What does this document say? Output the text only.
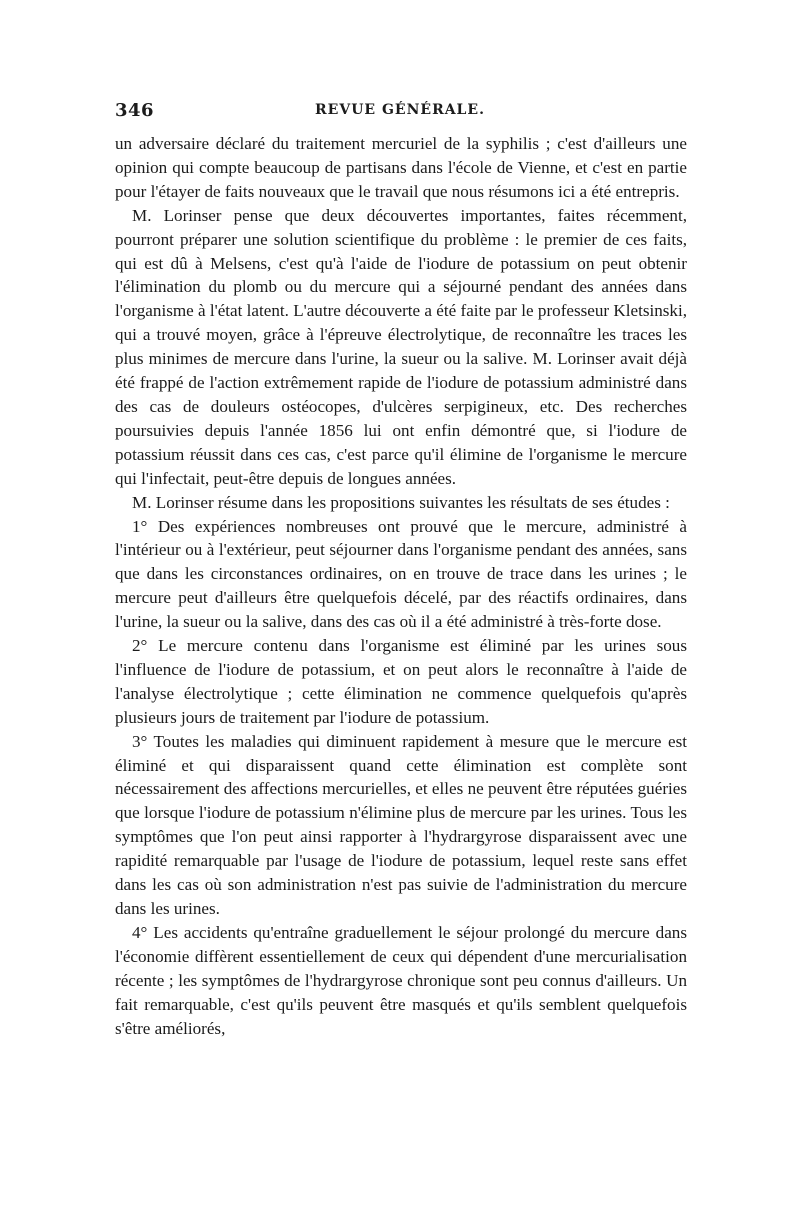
346	REVUE GÉNÉRALE.

un adversaire déclaré du traitement mercuriel de la syphilis ; c'est d'ailleurs une opinion qui compte beaucoup de partisans dans l'école de Vienne, et c'est en partie pour l'étayer de faits nouveaux que le travail que nous résumons ici a été entrepris.

M. Lorinser pense que deux découvertes importantes, faites récemment, pourront préparer une solution scientifique du problème : le premier de ces faits, qui est dû à Melsens, c'est qu'à l'aide de l'iodure de potassium on peut obtenir l'élimination du plomb ou du mercure qui a séjourné pendant des années dans l'organisme à l'état latent. L'autre découverte a été faite par le professeur Kletsinski, qui a trouvé moyen, grâce à l'épreuve électrolytique, de reconnaître les traces les plus minimes de mercure dans l'urine, la sueur ou la salive. M. Lorinser avait déjà été frappé de l'action extrêmement rapide de l'iodure de potassium administré dans des cas de douleurs ostéocopes, d'ulcères serpigineux, etc. Des recherches poursuivies depuis l'année 1856 lui ont enfin démontré que, si l'iodure de potassium réussit dans ces cas, c'est parce qu'il élimine de l'organisme le mercure qui l'infectait, peut-être depuis de longues années.

M. Lorinser résume dans les propositions suivantes les résultats de ses études :

1° Des expériences nombreuses ont prouvé que le mercure, administré à l'intérieur ou à l'extérieur, peut séjourner dans l'organisme pendant des années, sans que dans les circonstances ordinaires, on en trouve de trace dans les urines ; le mercure peut d'ailleurs être quelquefois décelé, par des réactifs ordinaires, dans l'urine, la sueur ou la salive, dans des cas où il a été administré à très-forte dose.

2° Le mercure contenu dans l'organisme est éliminé par les urines sous l'influence de l'iodure de potassium, et on peut alors le reconnaître à l'aide de l'analyse électrolytique ; cette élimination ne commence quelquefois qu'après plusieurs jours de traitement par l'iodure de potassium.

3° Toutes les maladies qui diminuent rapidement à mesure que le mercure est éliminé et qui disparaissent quand cette élimination est complète sont nécessairement des affections mercurielles, et elles ne peuvent être réputées guéries que lorsque l'iodure de potassium n'élimine plus de mercure par les urines. Tous les symptômes que l'on peut ainsi rapporter à l'hydrargyrose disparaissent avec une rapidité remarquable par l'usage de l'iodure de potassium, lequel reste sans effet dans les cas où son administration n'est pas suivie de l'administration du mercure dans les urines.

4° Les accidents qu'entraîne graduellement le séjour prolongé du mercure dans l'économie diffèrent essentiellement de ceux qui dépendent d'une mercurialisation récente ; les symptômes de l'hydrargyrose chronique sont peu connus d'ailleurs. Un fait remarquable, c'est qu'ils peuvent être masqués et qu'ils semblent quelquefois s'être améliorés,
